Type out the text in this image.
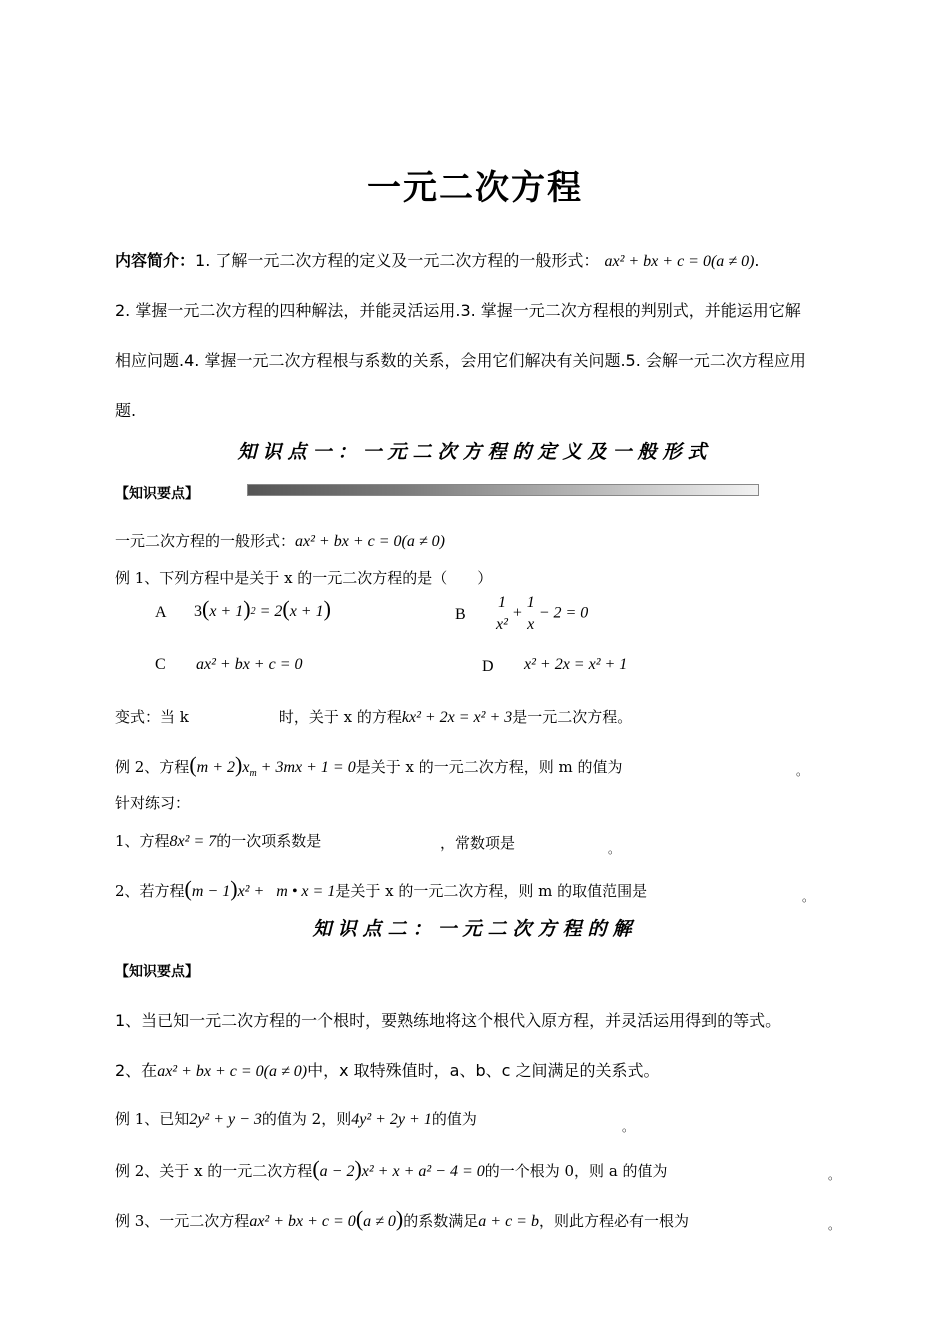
一元二次方程
内容简介：1. 了解一元二次方程的定义及一元二次方程的一般形式： ax² + bx + c = 0(a ≠ 0).
2. 掌握一元二次方程的四种解法，并能灵活运用.3. 掌握一元二次方程根的判别式，并能运用它解
相应问题.4. 掌握一元二次方程根与系数的关系，会用它们解决有关问题.5. 会解一元二次方程应用
题.
知识点一：一元二次方程的定义及一般形式
【知识要点】
一元二次方程的一般形式：ax² + bx + c = 0(a ≠ 0)
例 1、下列方程中是关于 x 的一元二次方程的是（　　）
A $3(x + 1)^2 = 2(x + 1)$	B
1
x²
+
1
x
− 2 = 0
C ax² + bx + c = 0	D x² + 2x = x² + 1
变式：当 k	时，关于 x 的方程kx² + 2x = x² + 3是一元二次方程。
例 2、方程$(m + 2)x_m + 3mx + 1 = 0$是关于 x 的一元二次方程，则 m 的值为	。
针对练习：
1、方程8x² = 7的一次项系数是	，常数项是	。
2、若方程(m − 1)x² + m • x = 1是关于 x 的一元二次方程，则 m 的取值范围是	。
知识点二：一元二次方程的解
【知识要点】
1、当已知一元二次方程的一个根时，要熟练地将这个根代入原方程，并灵活运用得到的等式。
2、在ax² + bx + c = 0(a ≠ 0)中，x 取特殊值时，a、b、c 之间满足的关系式。
例 1、已知2y² + y − 3的值为 2，则4y² + 2y + 1的值为	。
例 2、关于 x 的一元二次方程(a − 2)x² + x + a² − 4 = 0的一个根为 0，则 a 的值为	。
例 3、一元二次方程ax² + bx + c = 0(a ≠ 0)的系数满足a + c = b，则此方程必有一根为	。
